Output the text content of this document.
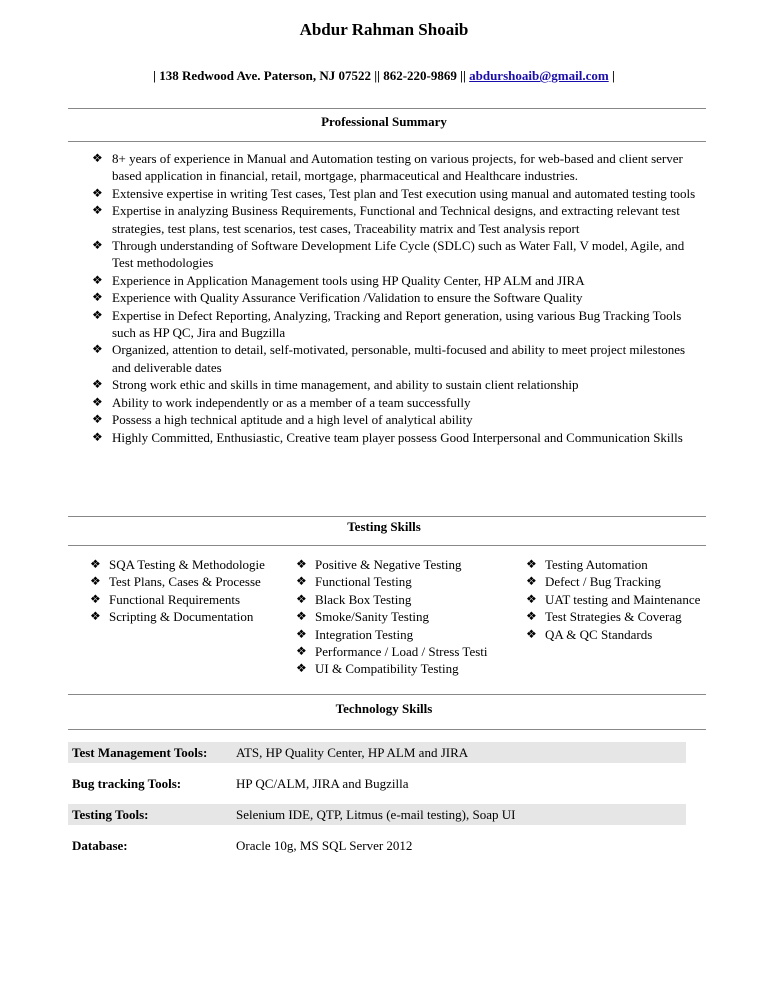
Abdur Rahman Shoaib
| 138 Redwood Ave. Paterson, NJ 07522 || 862-220-9869 || abdurshoaib@gmail.com |
Professional Summary
❖ 8+ years of experience in Manual and Automation testing on various projects, for web-based and client server based application in financial, retail, mortgage, pharmaceutical and Healthcare industries.
❖ Extensive expertise in writing Test cases, Test plan and Test execution using manual and automated testing tools
❖ Expertise in analyzing Business Requirements, Functional and Technical designs, and extracting relevant test strategies, test plans, test scenarios, test cases, Traceability matrix and Test analysis report
❖ Through understanding of Software Development Life Cycle (SDLC) such as Water Fall, V model, Agile, and Test methodologies
❖ Experience in Application Management tools using HP Quality Center, HP ALM and JIRA
❖ Experience with Quality Assurance Verification /Validation to ensure the Software Quality
❖ Expertise in Defect Reporting, Analyzing, Tracking and Report generation, using various Bug Tracking Tools such as HP QC, Jira and Bugzilla
❖ Organized, attention to detail, self-motivated, personable, multi-focused and ability to meet project milestones and deliverable dates
❖ Strong work ethic and skills in time management, and ability to sustain client relationship
❖ Ability to work independently or as a member of a team successfully
❖ Possess a high technical aptitude and a high level of analytical ability
❖ Highly Committed, Enthusiastic, Creative team player possess Good Interpersonal and Communication Skills
Testing Skills
❖ SQA Testing & Methodologie
❖ Test Plans, Cases & Processe
❖ Functional Requirements
❖ Scripting & Documentation
❖ Positive & Negative Testing
❖ Functional Testing
❖ Black Box Testing
❖ Smoke/Sanity Testing
❖ Integration Testing
❖ Performance / Load / Stress Testi
❖ UI & Compatibility Testing
❖ Testing Automation
❖ Defect / Bug Tracking
❖ UAT testing and Maintenance
❖ Test Strategies & Coverag
❖ QA & QC Standards
Technology Skills
Test Management Tools:	ATS, HP Quality Center, HP ALM and JIRA

Bug tracking Tools:	HP QC/ALM, JIRA and Bugzilla

Testing Tools:	Selenium IDE, QTP, Litmus (e-mail testing), Soap UI

Database:	Oracle 10g, MS SQL Server 2012
